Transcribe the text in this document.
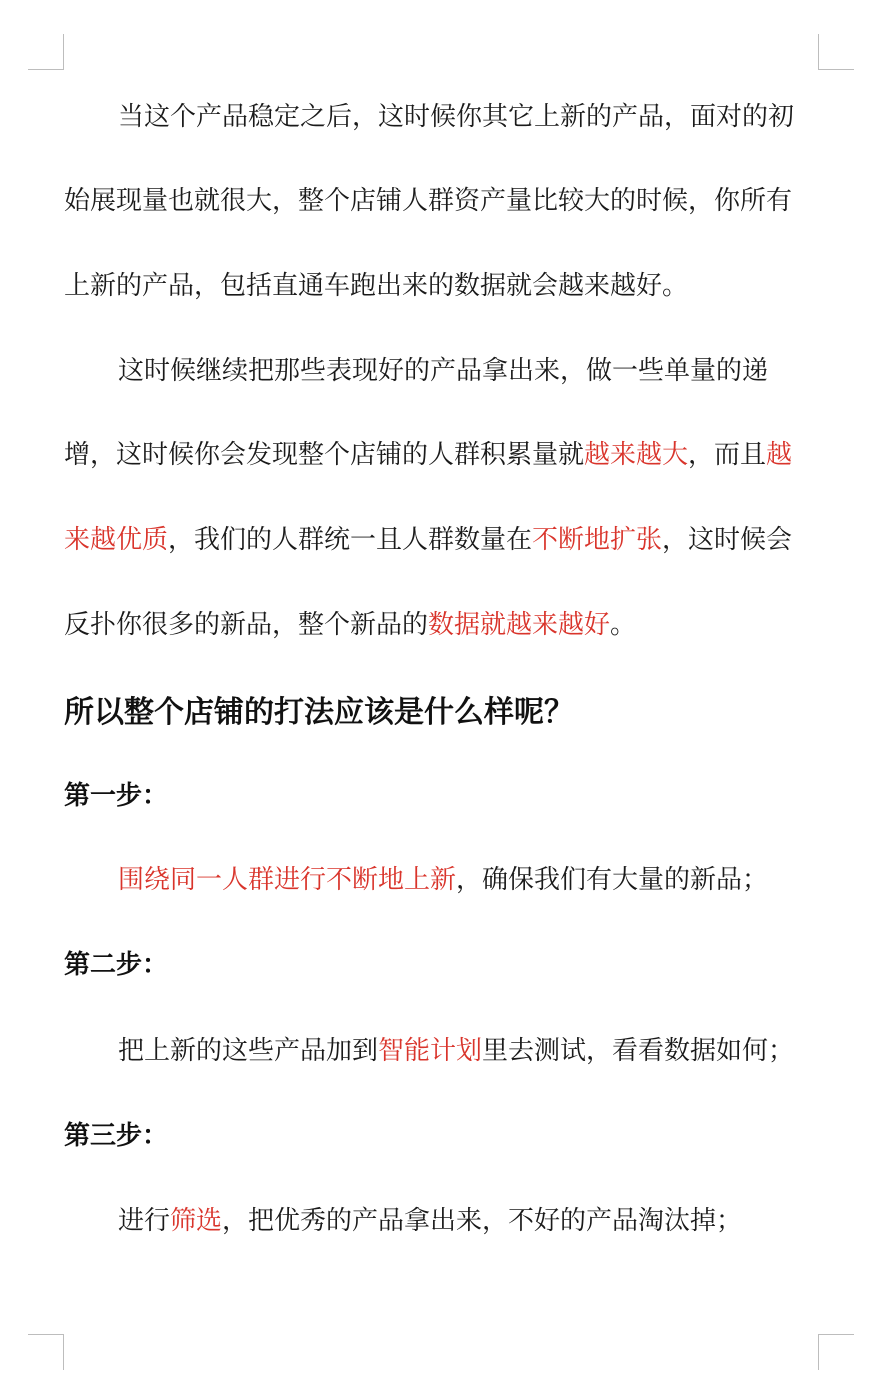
当这个产品稳定之后，这时候你其它上新的产品，面对的初
始展现量也就很大，整个店铺人群资产量比较大的时候，你所有
上新的产品，包括直通车跑出来的数据就会越来越好。
这时候继续把那些表现好的产品拿出来，做一些单量的递
增，这时候你会发现整个店铺的人群积累量就越来越大，而且越
来越优质，我们的人群统一且人群数量在不断地扩张，这时候会
反扑你很多的新品，整个新品的数据就越来越好。
所以整个店铺的打法应该是什么样呢？
第一步：
围绕同一人群进行不断地上新，确保我们有大量的新品；
第二步：
把上新的这些产品加到智能计划里去测试，看看数据如何；
第三步：
进行筛选，把优秀的产品拿出来，不好的产品淘汰掉；
